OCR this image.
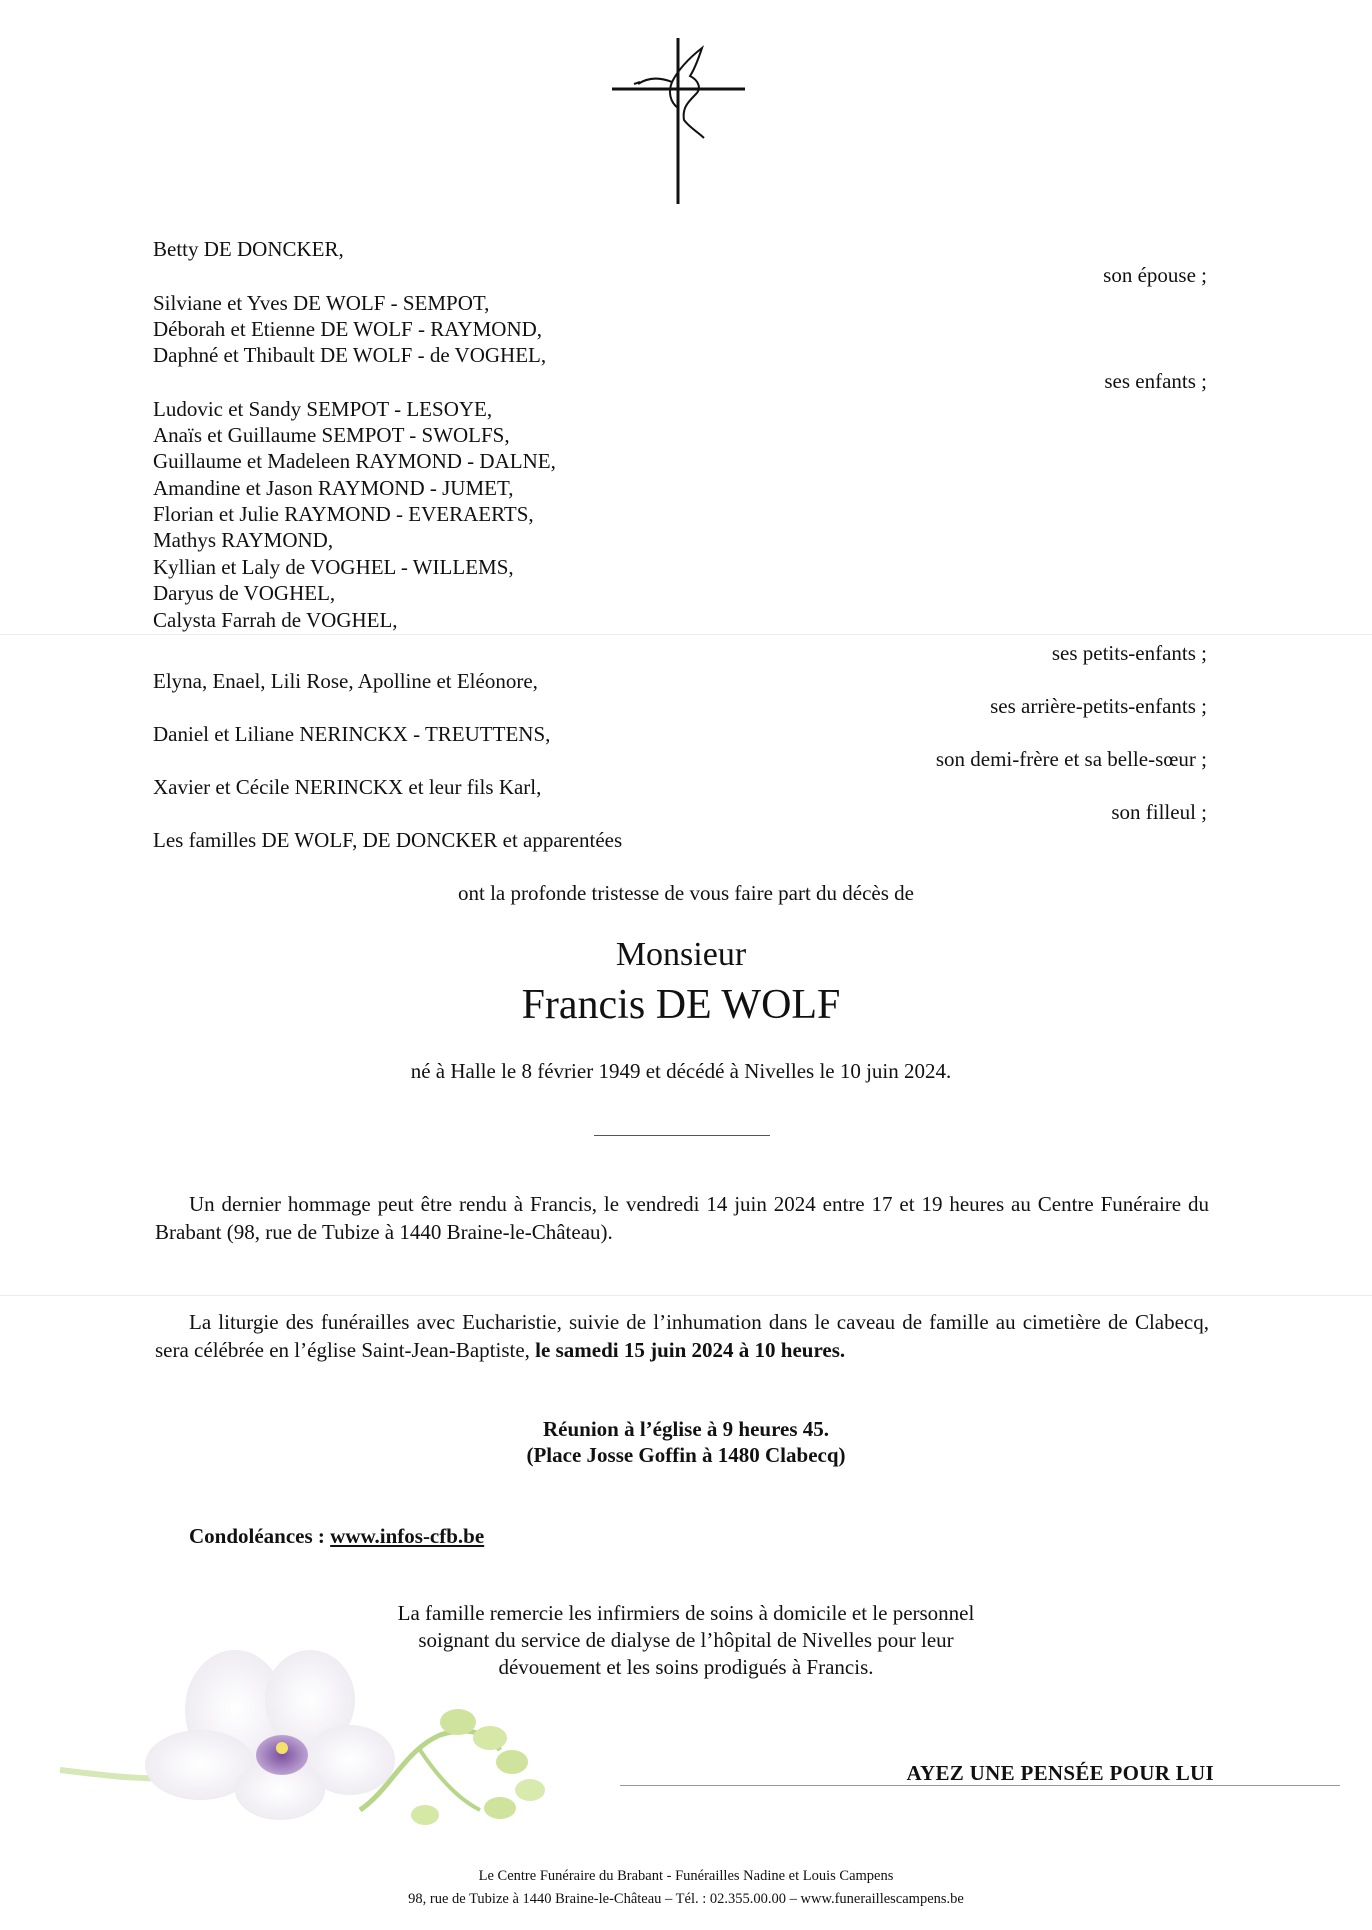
Betty DE DONCKER,
Silviane et Yves DE WOLF - SEMPOT,
Déborah et Etienne DE WOLF - RAYMOND,
Daphné et Thibault DE WOLF - de VOGHEL,
Ludovic et Sandy SEMPOT - LESOYE,
Anaïs et Guillaume SEMPOT - SWOLFS,
Guillaume et Madeleen RAYMOND - DALNE,
Amandine et Jason RAYMOND - JUMET,
Florian et Julie RAYMOND - EVERAERTS,
Mathys RAYMOND,
Kyllian et Laly de VOGHEL - WILLEMS,
Daryus de VOGHEL,
Calysta Farrah de VOGHEL,
Elyna, Enael, Lili Rose, Apolline et Eléonore,
Daniel et Liliane NERINCKX - TREUTTENS,
Xavier et Cécile NERINCKX et leur fils Karl,
Les familles DE WOLF, DE DONCKER et apparentées
son épouse ;
ses enfants ;
ses petits-enfants ;
ses arrière-petits-enfants ;
son demi-frère et sa belle-sœur ;
son filleul ;
ont la profonde tristesse de vous faire part du décès de
Monsieur
Francis DE WOLF
né à Halle le 8 février 1949 et décédé à Nivelles le 10 juin 2024.
Un dernier hommage peut être rendu à Francis, le vendredi 14 juin 2024 entre 17 et 19 heures au Centre Funéraire du Brabant (98, rue de Tubize à 1440 Braine-le-Château).
La liturgie des funérailles avec Eucharistie, suivie de l’inhumation dans le caveau de famille au cimetière de Clabecq, sera célébrée en l’église Saint-Jean-Baptiste, le samedi 15 juin 2024 à 10 heures.
Réunion à l’église à 9 heures 45.
(Place Josse Goffin à 1480 Clabecq)
Condoléances : www.infos-cfb.be
La famille remercie les infirmiers de soins à domicile et le personnel
soignant du service de dialyse de l’hôpital de Nivelles pour leur
dévouement et les soins prodigués à Francis.
AYEZ UNE PENSÉE POUR LUI
Le Centre Funéraire du Brabant - Funérailles Nadine et Louis Campens
98, rue de Tubize à 1440 Braine-le-Château – Tél. : 02.355.00.00 – www.funeraillescampens.be
